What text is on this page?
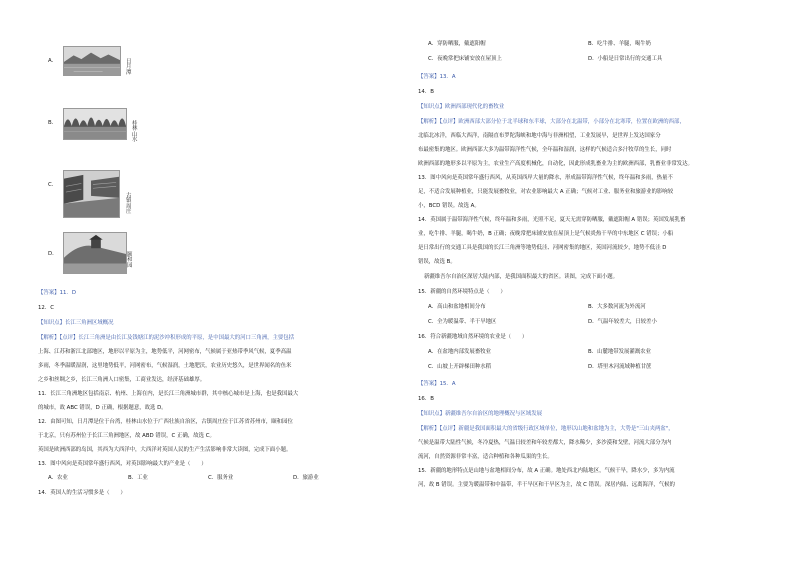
A．	日月潭
B．	桂林山水
C．
古镇周庄
D．	颐和园
【答案】11．D
12．C
【知识点】长江三角洲区域概况
【解析】【点评】长江三角洲是由长江及钱塘江的泥沙冲积形成的平原，是中国最大的河口三角洲，主要包括
上海、江苏和浙江北部地区，地形以平原为主，地势低平，河网密布，气候属于亚热带季风气候，夏季高温
多雨，冬季温暖湿润，这里地势低平，河网密布，气候湿润，土地肥沃，农业历史悠久，是世界闻名的鱼米
之乡和丝绸之乡，长江三角洲人口密集，工商业发达，经济基础雄厚。
11．长江三角洲地区包括南京、杭州、上海在内，是长江三角洲城市群，其中核心城市是上海，也是我国最大
的城市，故 ABC 错误，D 正确，根据题意，故选 D。
12．由图可知，日月潭是位于台湾，桂林山水位于广西壮族自治区，古镇周庄位于江苏省苏州市，颐和园位
于北京，只有苏州位于长江三角洲地区，故 ABD 错误，C 正确，故选 C。
英国是欧洲西部的岛国，其西为大西洋中，大西洋对英国人民的生产生活影响非常大读图，完成下面小题。
13．图中风向是英国常年盛行西风，对英国影响最大的产业是（　　）
A．农业	B．工业	C．服务业	D．旅游业
14．英国人的生活习惯多是（　　）
A．穿防晒服，戴遮阳帽	B．吃牛排、羊腿，喝牛奶
C．夜晚常把床铺安放在屋顶上	D．小船是日常出行的交通工具
【答案】13．A
14．B
【知识点】欧洲西部现代化的畜牧业
【解析】【点评】欧洲西部大部分位于北半球和东半球，大部分在北温带，小部分在北寒带，位置在欧洲的西部，
北临北冰洋，西临大西洋，南隔直布罗陀海峡和地中海与非洲相望，工业发展早，是世界上发达国家分
布最密集的地区。欧洲西部大多为温带海洋性气候，全年温和湿润，这样的气候适合多汁牧草的生长，同时
欧洲西部的地形多以平原为主，农业生产高度机械化，自动化，因此形成乳畜业为主的欧洲西部，乳畜业非常发达。
13．图中风向是英国常年盛行西风，从英国西岸大量的降水，形成温带海洋性气候，终年温和多雨，热量不
足，不适合发展种植业，只能发展畜牧业，对农业影响最大 A 正确；气候对工业、服务业和旅游业的影响较
小，BCD 错误。故选 A。
14．英国属于温带海洋性气候，终年温和多雨，光照不足，夏天无需穿防晒服，戴遮阳帽 A 错误；英国发展乳畜
业，吃牛排、羊腿，喝牛奶，B 正确；夜晚常把床铺安放在屋顶上是气候炎热干旱的中东地区 C 错误；小船
是日常出行的交通工具是我国的长江三角洲等地势低洼、河网密集的地区，英国河流较少，地势不低洼 D
错误，故选 B。
新疆维吾尔自治区深居大陆内部，是我国面积最大的省区。读图，完成下面小题。
15．新疆的自然环境特点是（　　）
A．高山和盆地相间分布	B．大多数河流为外流河
C．全为暖温带、半干旱地区	D．气温年较差大，日较差小
16．符合新疆地域自然环境的农业是（　　）
A．在盆地内部发展畜牧业	B．山麓地带发展灌溉农业
C．山坡上开辟梯田种水稻	D．塔里木河流域种植甘蔗
【答案】15．A
16．B
【知识点】新疆维吾尔自治区的地理概况与区域发展
【解析】【点评】新疆是我国面积最大的省级行政区域单位，地形以山地和盆地为主，大势是"三山夹两盆"，
气候是温带大陆性气候，冬冷夏热，气温日较差和年较差都大，降水稀少，多沙漠和戈壁，河流大部分为内
流河，自然资源非常丰富，适合种植和各种瓜果的生长。
15．新疆的地形特点是山地与盆地相间分布，故 A 正确。地处西北内陆地区，气候干旱，降水少，多为内流
河，故 B 错误。主要为暖温带和中温带，半干旱区和干旱区为主，故 C 错误。深居内陆、远离海洋，气候的
